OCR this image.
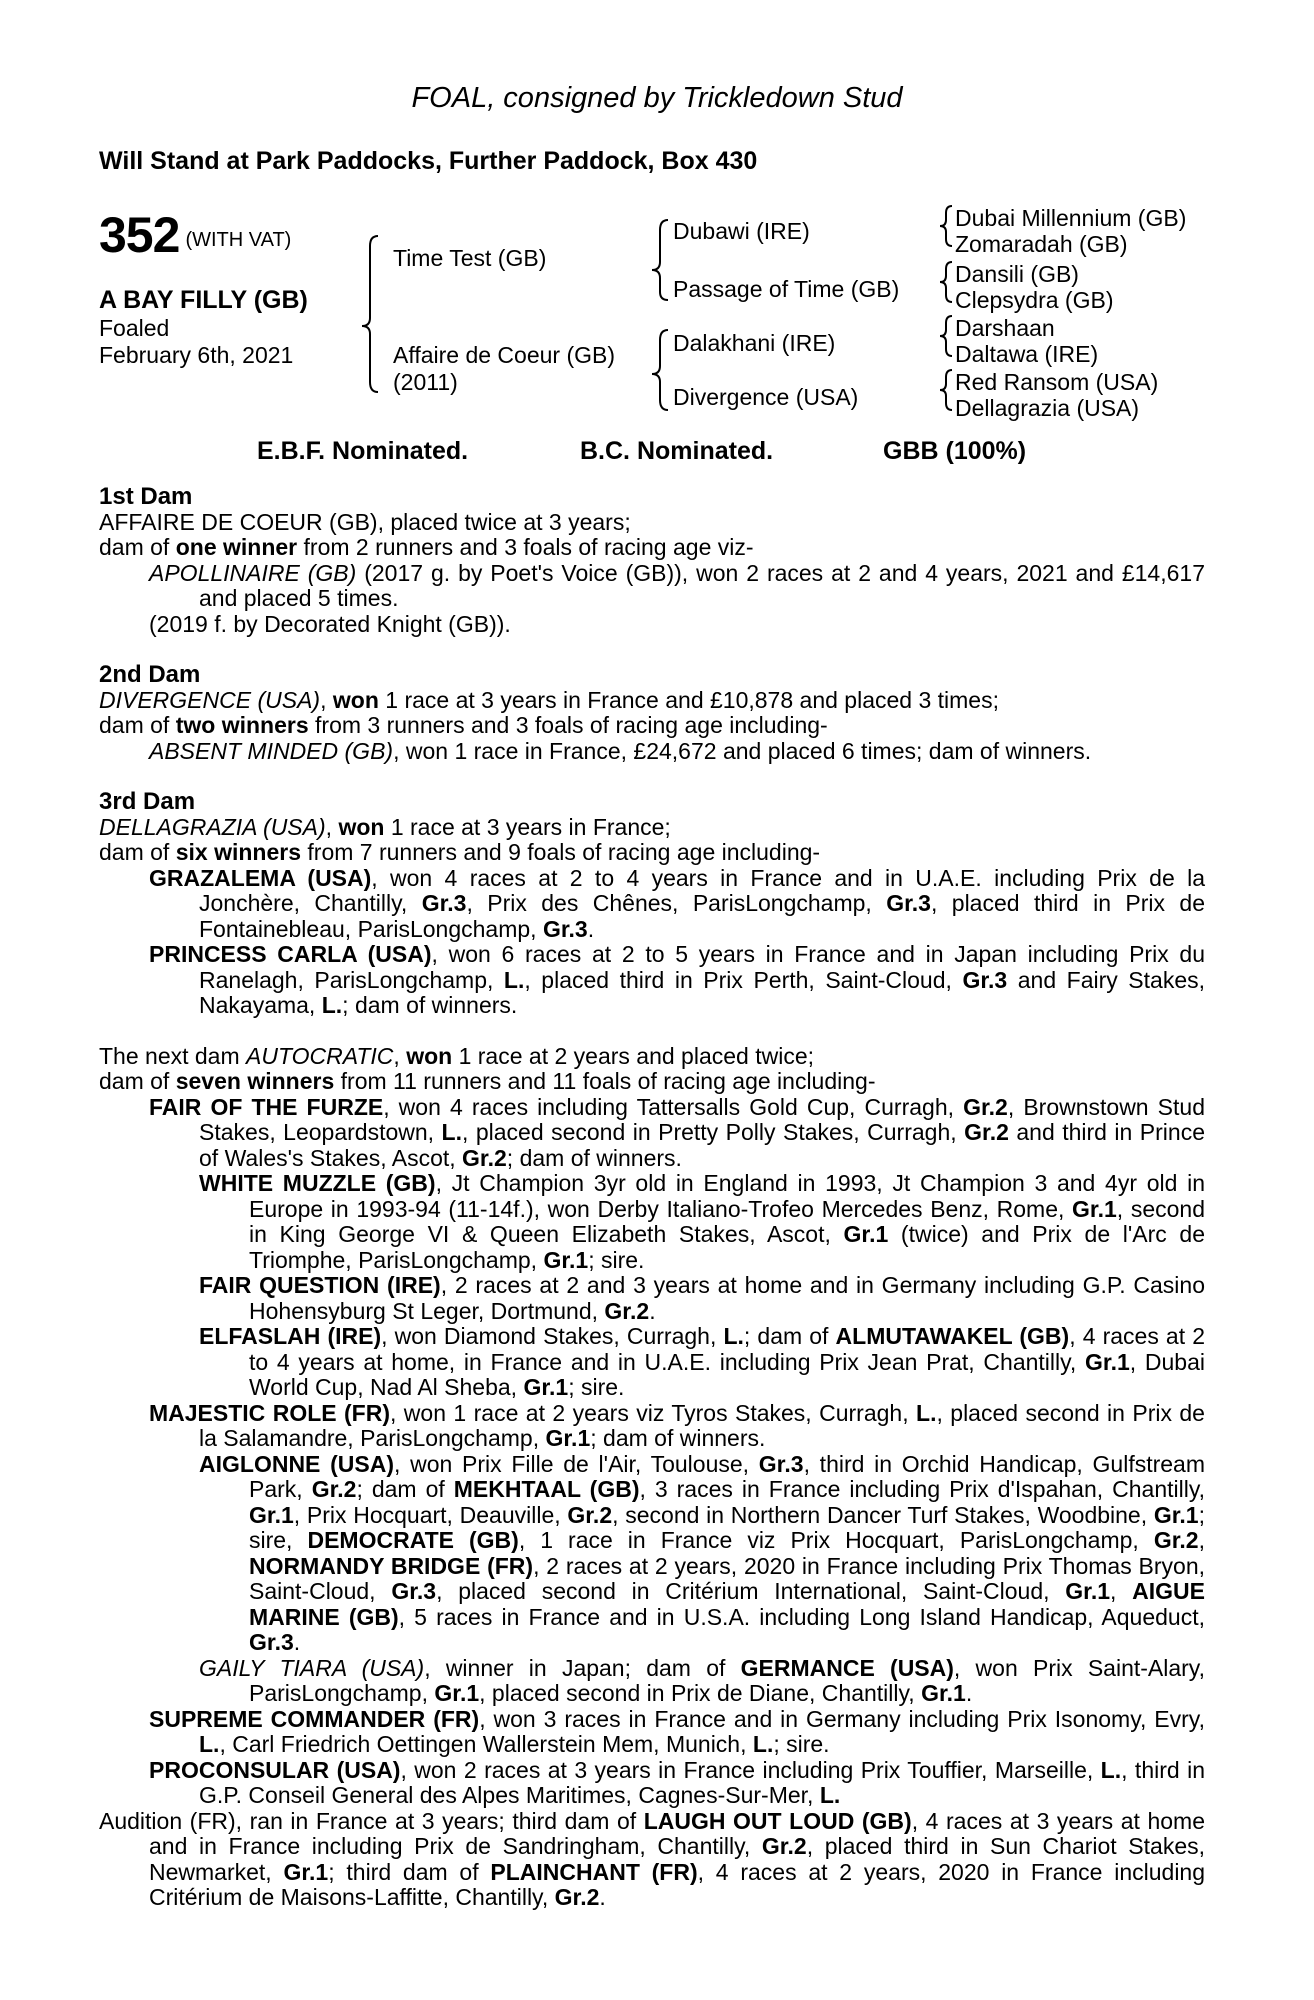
FOAL, consigned by Trickledown Stud
Will Stand at Park Paddocks, Further Paddock, Box 430
352 (WITH VAT)
A BAY FILLY (GB)
Foaled
February 6th, 2021
Time Test (GB)
Affaire de Coeur (GB)
(2011)
Dubawi (IRE)
Passage of Time (GB)
Dalakhani (IRE)
Divergence (USA)
Dubai Millennium (GB)
Zomaradah (GB)
Dansili (GB)
Clepsydra (GB)
Darshaan
Daltawa (IRE)
Red Ransom (USA)
Dellagrazia (USA)
E.B.F. Nominated.	B.C. Nominated.	GBB (100%)
1st Dam
AFFAIRE DE COEUR (GB), placed twice at 3 years;
dam of one winner from 2 runners and 3 foals of racing age viz-

APOLLINAIRE (GB) (2017 g. by Poet's Voice (GB)), won 2 races at 2 and 4 years, 2021 and £14,617 and placed 5 times.

(2019 f. by Decorated Knight (GB)).
2nd Dam
DIVERGENCE (USA), won 1 race at 3 years in France and £10,878 and placed 3 times;
dam of two winners from 3 runners and 3 foals of racing age including-
ABSENT MINDED (GB), won 1 race in France, £24,672 and placed 6 times; dam of winners.
3rd Dam
DELLAGRAZIA (USA), won 1 race at 3 years in France;
dam of six winners from 7 runners and 9 foals of racing age including-

GRAZALEMA (USA), won 4 races at 2 to 4 years in France and in U.A.E. including Prix de la Jonchère, Chantilly, Gr.3, Prix des Chênes, ParisLongchamp, Gr.3, placed third in Prix de Fontainebleau, ParisLongchamp, Gr.3.

PRINCESS CARLA (USA), won 6 races at 2 to 5 years in France and in Japan including Prix du Ranelagh, ParisLongchamp, L., placed third in Prix Perth, Saint-Cloud, Gr.3 and Fairy Stakes, Nakayama, L.; dam of winners.

The next dam AUTOCRATIC, won 1 race at 2 years and placed twice;
dam of seven winners from 11 runners and 11 foals of racing age including-

FAIR OF THE FURZE, won 4 races including Tattersalls Gold Cup, Curragh, Gr.2, Brownstown Stud Stakes, Leopardstown, L., placed second in Pretty Polly Stakes, Curragh, Gr.2 and third in Prince of Wales's Stakes, Ascot, Gr.2; dam of winners.

WHITE MUZZLE (GB), Jt Champion 3yr old in England in 1993, Jt Champion 3 and 4yr old in Europe in 1993-94 (11-14f.), won Derby Italiano-Trofeo Mercedes Benz, Rome, Gr.1, second in King George VI & Queen Elizabeth Stakes, Ascot, Gr.1 (twice) and Prix de l'Arc de Triomphe, ParisLongchamp, Gr.1; sire.

FAIR QUESTION (IRE), 2 races at 2 and 3 years at home and in Germany including G.P. Casino Hohensyburg St Leger, Dortmund, Gr.2.

ELFASLAH (IRE), won Diamond Stakes, Curragh, L.; dam of ALMUTAWAKEL (GB), 4 races at 2 to 4 years at home, in France and in U.A.E. including Prix Jean Prat, Chantilly, Gr.1, Dubai World Cup, Nad Al Sheba, Gr.1; sire.

MAJESTIC ROLE (FR), won 1 race at 2 years viz Tyros Stakes, Curragh, L., placed second in Prix de la Salamandre, ParisLongchamp, Gr.1; dam of winners.

AIGLONNE (USA), won Prix Fille de l'Air, Toulouse, Gr.3, third in Orchid Handicap, Gulfstream Park, Gr.2; dam of MEKHTAAL (GB), 3 races in France including Prix d'Ispahan, Chantilly, Gr.1, Prix Hocquart, Deauville, Gr.2, second in Northern Dancer Turf Stakes, Woodbine, Gr.1; sire, DEMOCRATE (GB), 1 race in France viz Prix Hocquart, ParisLongchamp, Gr.2, NORMANDY BRIDGE (FR), 2 races at 2 years, 2020 in France including Prix Thomas Bryon, Saint-Cloud, Gr.3, placed second in Critérium International, Saint-Cloud, Gr.1, AIGUE MARINE (GB), 5 races in France and in U.S.A. including Long Island Handicap, Aqueduct, Gr.3.

GAILY TIARA (USA), winner in Japan; dam of GERMANCE (USA), won Prix Saint-Alary, ParisLongchamp, Gr.1, placed second in Prix de Diane, Chantilly, Gr.1.

SUPREME COMMANDER (FR), won 3 races in France and in Germany including Prix Isonomy, Evry, L., Carl Friedrich Oettingen Wallerstein Mem, Munich, L.; sire.

PROCONSULAR (USA), won 2 races at 3 years in France including Prix Touffier, Marseille, L., third in G.P. Conseil General des Alpes Maritimes, Cagnes-Sur-Mer, L.

Audition (FR), ran in France at 3 years; third dam of LAUGH OUT LOUD (GB), 4 races at 3 years at home and in France including Prix de Sandringham, Chantilly, Gr.2, placed third in Sun Chariot Stakes, Newmarket, Gr.1; third dam of PLAINCHANT (FR), 4 races at 2 years, 2020 in France including Critérium de Maisons-Laffitte, Chantilly, Gr.2.
